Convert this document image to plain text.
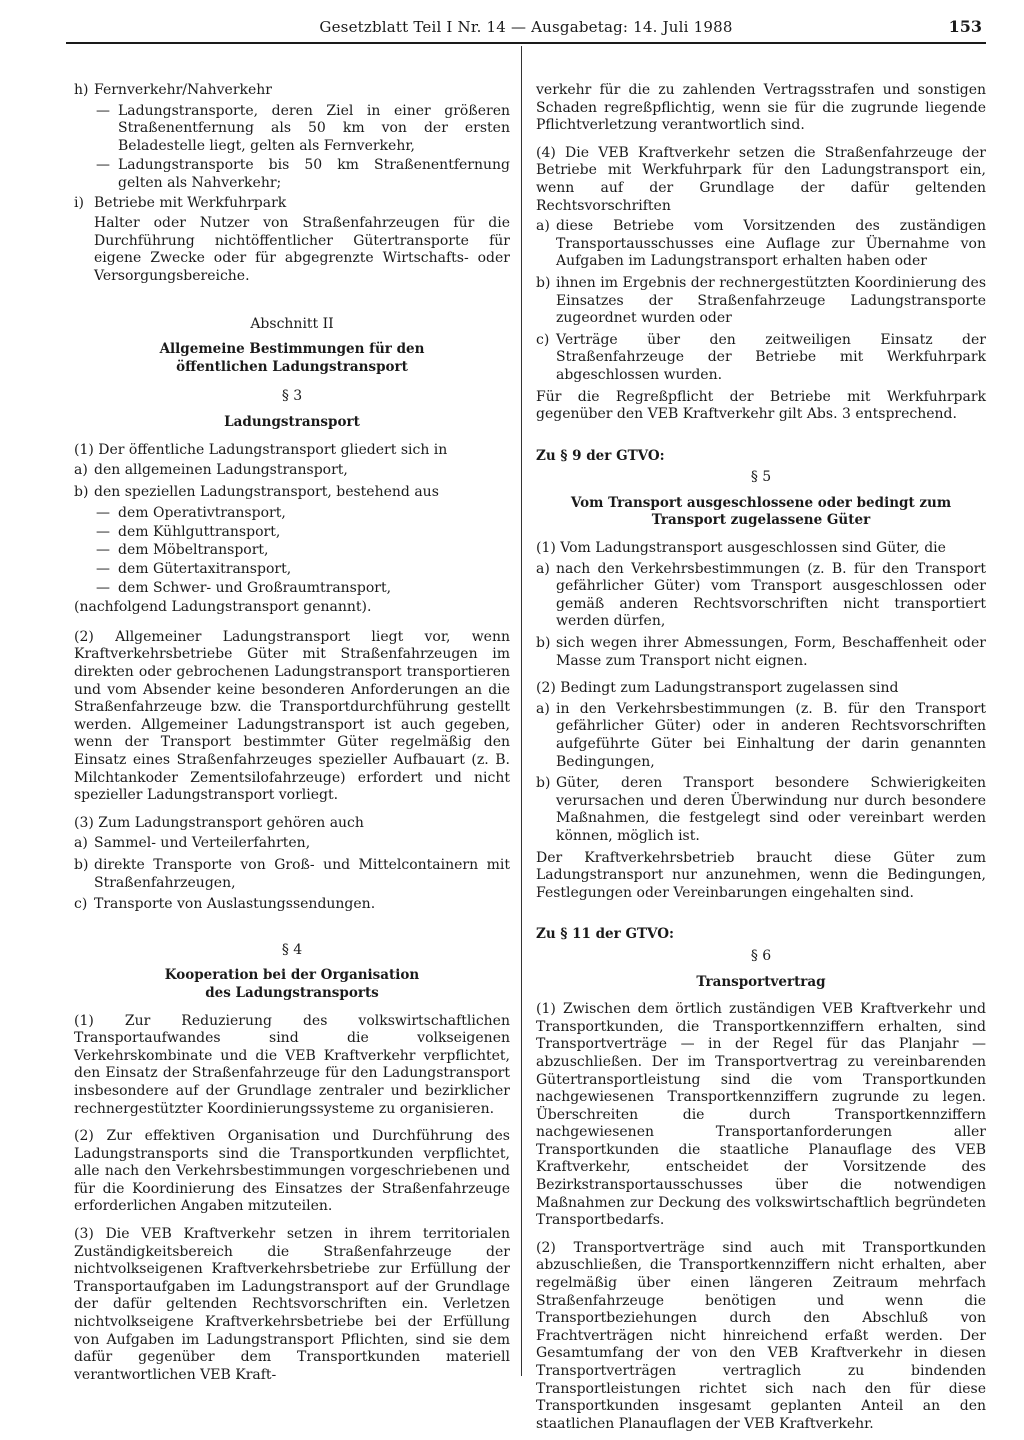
Gesetzblatt Teil I Nr. 14 — Ausgabetag: 14. Juli 1988	153
h) Fernverkehr/Nahverkehr
— Ladungstransporte, deren Ziel in einer größeren Straßenentfernung als 50 km von der ersten Beladestelle liegt, gelten als Fernverkehr,
— Ladungstransporte bis 50 km Straßenentfernung gelten als Nahverkehr;
i) Betriebe mit Werkfuhrpark

Halter oder Nutzer von Straßenfahrzeugen für die Durchführung nichtöffentlicher Gütertransporte für eigene Zwecke oder für abgegrenzte Wirtschafts- oder Versorgungsbereiche.

Abschnitt II
Allgemeine Bestimmungen für den
öffentlichen Ladungstransport
§ 3
Ladungstransport

(1) Der öffentliche Ladungstransport gliedert sich in

a) den allgemeinen Ladungstransport,
b) den speziellen Ladungstransport, bestehend aus
— dem Operativtransport,
— dem Kühlguttransport,
— dem Möbeltransport,
— dem Gütertaxitransport,
— dem Schwer- und Großraumtransport,

(nachfolgend Ladungstransport genannt).

(2) Allgemeiner Ladungstransport liegt vor, wenn Kraftverkehrsbetriebe Güter mit Straßenfahrzeugen im direkten oder gebrochenen Ladungstransport transportieren und vom Absender keine besonderen Anforderungen an die Straßenfahrzeuge bzw. die Transportdurchführung gestellt werden. Allgemeiner Ladungstransport ist auch gegeben, wenn der Transport bestimmter Güter regelmäßig den Einsatz eines Straßenfahrzeuges spezieller Aufbauart (z. B. Milchtankoder Zementsilofahrzeuge) erfordert und nicht spezieller Ladungstransport vorliegt.

(3) Zum Ladungstransport gehören auch

a) Sammel- und Verteilerfahrten,
b) direkte Transporte von Groß- und Mittelcontainern mit Straßenfahrzeugen,
c) Transporte von Auslastungssendungen.
§ 4
Kooperation bei der Organisation
des Ladungstransports

(1) Zur Reduzierung des volkswirtschaftlichen Transportaufwandes sind die volkseigenen Verkehrskombinate und die VEB Kraftverkehr verpflichtet, den Einsatz der Straßenfahrzeuge für den Ladungstransport insbesondere auf der Grundlage zentraler und bezirklicher rechnergestützter Koordinierungssysteme zu organisieren.

(2) Zur effektiven Organisation und Durchführung des Ladungstransports sind die Transportkunden verpflichtet, alle nach den Verkehrsbestimmungen vorgeschriebenen und für die Koordinierung des Einsatzes der Straßenfahrzeuge erforderlichen Angaben mitzuteilen.

(3) Die VEB Kraftverkehr setzen in ihrem territorialen Zuständigkeitsbereich die Straßenfahrzeuge der nichtvolkseigenen Kraftverkehrsbetriebe zur Erfüllung der Transportaufgaben im Ladungstransport auf der Grundlage der dafür geltenden Rechtsvorschriften ein. Verletzen nichtvolkseigene Kraftverkehrsbetriebe bei der Erfüllung von Aufgaben im Ladungstransport Pflichten, sind sie dem dafür gegenüber dem Transportkunden materiell verantwortlichen VEB Kraft-

verkehr für die zu zahlenden Vertragsstrafen und sonstigen Schaden regreßpflichtig, wenn sie für die zugrunde liegende Pflichtverletzung verantwortlich sind.

(4) Die VEB Kraftverkehr setzen die Straßenfahrzeuge der Betriebe mit Werkfuhrpark für den Ladungstransport ein, wenn auf der Grundlage der dafür geltenden Rechtsvorschriften

a) diese Betriebe vom Vorsitzenden des zuständigen Transportausschusses eine Auflage zur Übernahme von Aufgaben im Ladungstransport erhalten haben oder
b) ihnen im Ergebnis der rechnergestützten Koordinierung des Einsatzes der Straßenfahrzeuge Ladungstransporte zugeordnet wurden oder
c) Verträge über den zeitweiligen Einsatz der Straßenfahrzeuge der Betriebe mit Werkfuhrpark abgeschlossen wurden.

Für die Regreßpflicht der Betriebe mit Werkfuhrpark gegenüber den VEB Kraftverkehr gilt Abs. 3 entsprechend.

Zu § 9 der GTVO:
§ 5
Vom Transport ausgeschlossene oder bedingt zum
Transport zugelassene Güter

(1) Vom Ladungstransport ausgeschlossen sind Güter, die

a) nach den Verkehrsbestimmungen (z. B. für den Transport gefährlicher Güter) vom Transport ausgeschlossen oder gemäß anderen Rechtsvorschriften nicht transportiert werden dürfen,
b) sich wegen ihrer Abmessungen, Form, Beschaffenheit oder Masse zum Transport nicht eignen.

(2) Bedingt zum Ladungstransport zugelassen sind

a) in den Verkehrsbestimmungen (z. B. für den Transport gefährlicher Güter) oder in anderen Rechtsvorschriften aufgeführte Güter bei Einhaltung der darin genannten Bedingungen,
b) Güter, deren Transport besondere Schwierigkeiten verursachen und deren Überwindung nur durch besondere Maßnahmen, die festgelegt sind oder vereinbart werden können, möglich ist.

Der Kraftverkehrsbetrieb braucht diese Güter zum Ladungstransport nur anzunehmen, wenn die Bedingungen, Festlegungen oder Vereinbarungen eingehalten sind.

Zu § 11 der GTVO:
§ 6
Transportvertrag

(1) Zwischen dem örtlich zuständigen VEB Kraftverkehr und Transportkunden, die Transportkennziffern erhalten, sind Transportverträge — in der Regel für das Planjahr — abzuschließen. Der im Transportvertrag zu vereinbarenden Gütertransportleistung sind die vom Transportkunden nachgewiesenen Transportkennziffern zugrunde zu legen. Überschreiten die durch Transportkennziffern nachgewiesenen Transportanforderungen aller Transportkunden die staatliche Planauflage des VEB Kraftverkehr, entscheidet der Vorsitzende des Bezirkstransportausschusses über die notwendigen Maßnahmen zur Deckung des volkswirtschaftlich begründeten Transportbedarfs.

(2) Transportverträge sind auch mit Transportkunden abzuschließen, die Transportkennziffern nicht erhalten, aber regelmäßig über einen längeren Zeitraum mehrfach Straßenfahrzeuge benötigen und wenn die Transportbeziehungen durch den Abschluß von Frachtverträgen nicht hinreichend erfaßt werden. Der Gesamtumfang der von den VEB Kraftverkehr in diesen Transportverträgen vertraglich zu bindenden Transportleistungen richtet sich nach den für diese Transportkunden insgesamt geplanten Anteil an den staatlichen Planauflagen der VEB Kraftverkehr.
